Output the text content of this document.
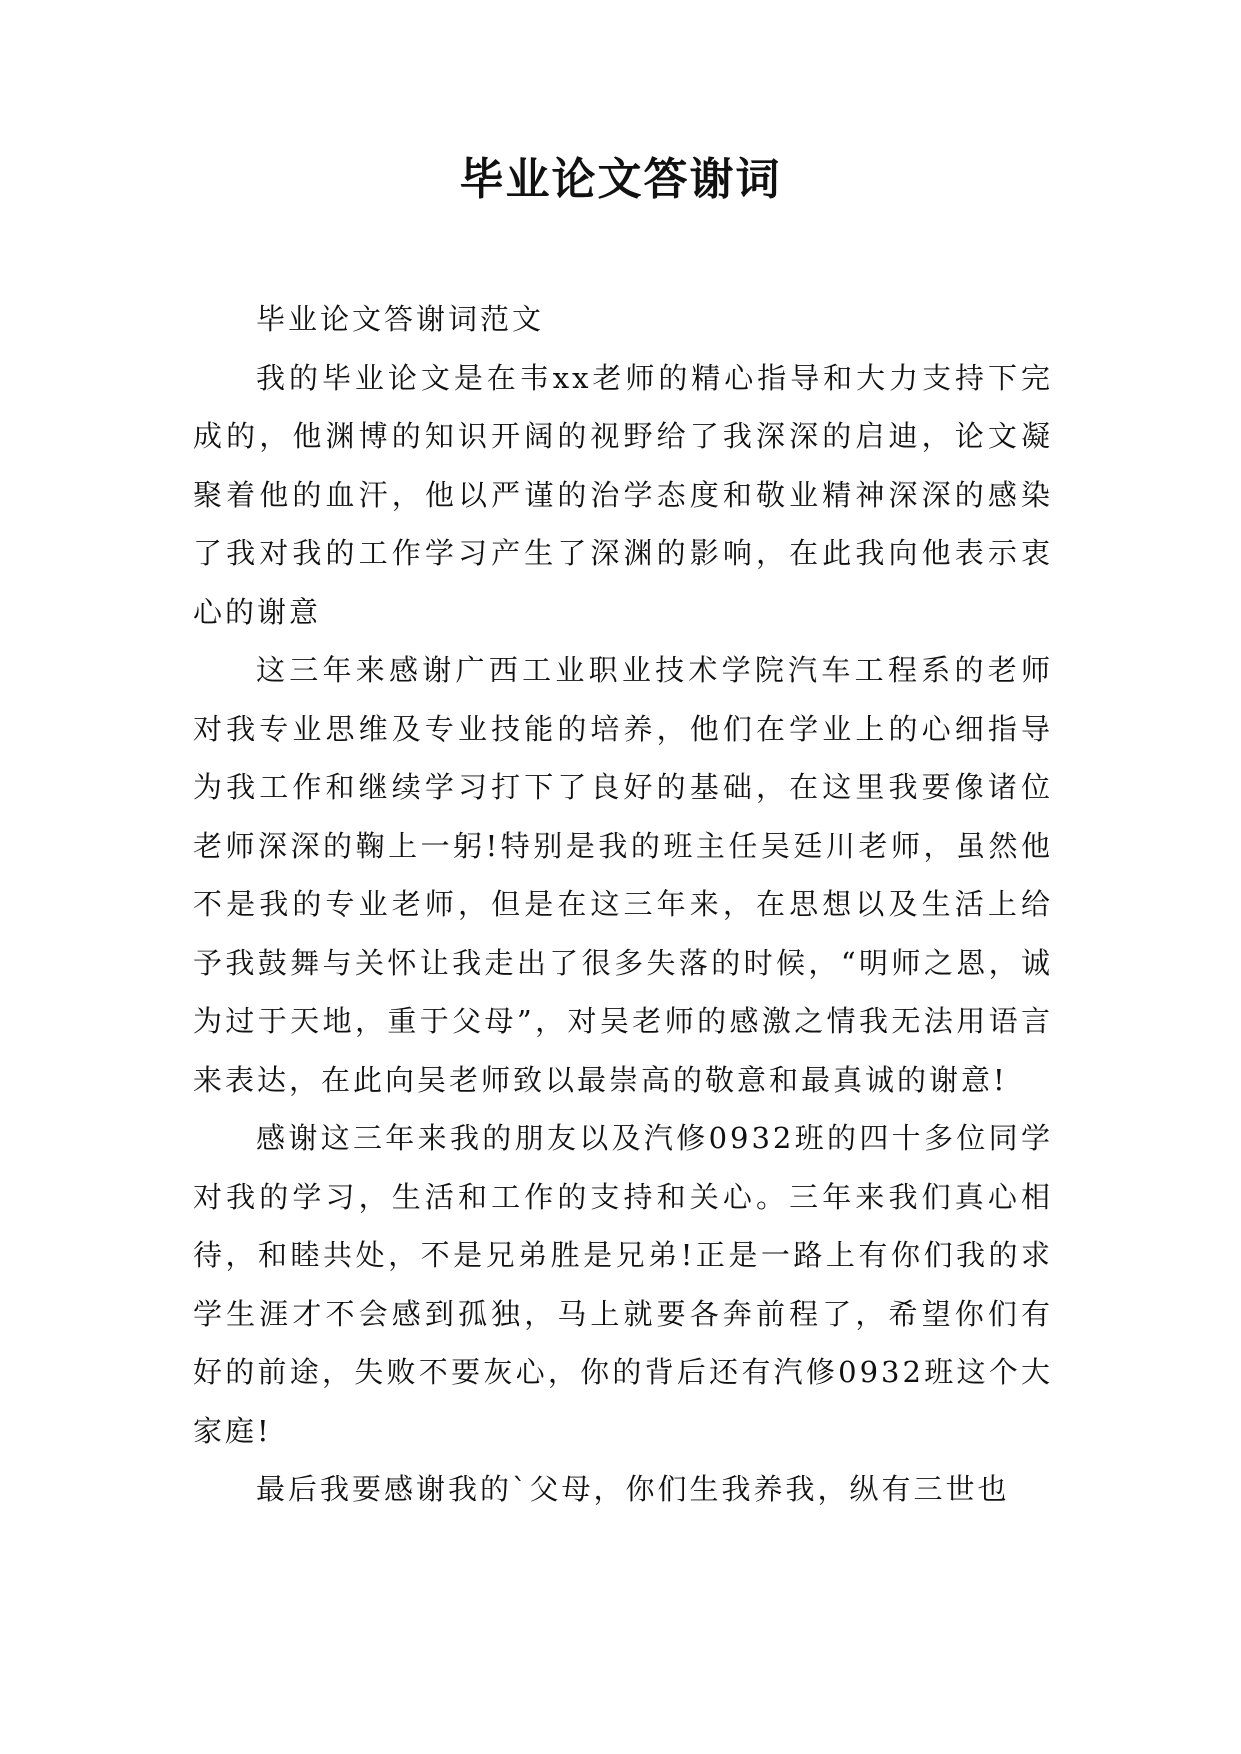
毕业论文答谢词

毕业论文答谢词范文

我的毕业论文是在韦xx老师的精心指导和大力支持下完成的，他渊博的知识开阔的视野给了我深深的启迪，论文凝聚着他的血汗，他以严谨的治学态度和敬业精神深深的感染了我对我的工作学习产生了深渊的影响，在此我向他表示衷心的谢意

这三年来感谢广西工业职业技术学院汽车工程系的老师对我专业思维及专业技能的培养，他们在学业上的心细指导为我工作和继续学习打下了良好的基础，在这里我要像诸位老师深深的鞠上一躬!特别是我的班主任吴廷川老师，虽然他不是我的专业老师，但是在这三年来，在思想以及生活上给予我鼓舞与关怀让我走出了很多失落的时候，“明师之恩，诚为过于天地，重于父母”，对吴老师的感激之情我无法用语言来表达，在此向吴老师致以最崇高的敬意和最真诚的谢意!

感谢这三年来我的朋友以及汽修0932班的四十多位同学对我的学习，生活和工作的支持和关心。三年来我们真心相待，和睦共处，不是兄弟胜是兄弟!正是一路上有你们我的求学生涯才不会感到孤独，马上就要各奔前程了，希望你们有好的前途，失败不要灰心，你的背后还有汽修0932班这个大家庭!

最后我要感谢我的`父母，你们生我养我，纵有三世也
